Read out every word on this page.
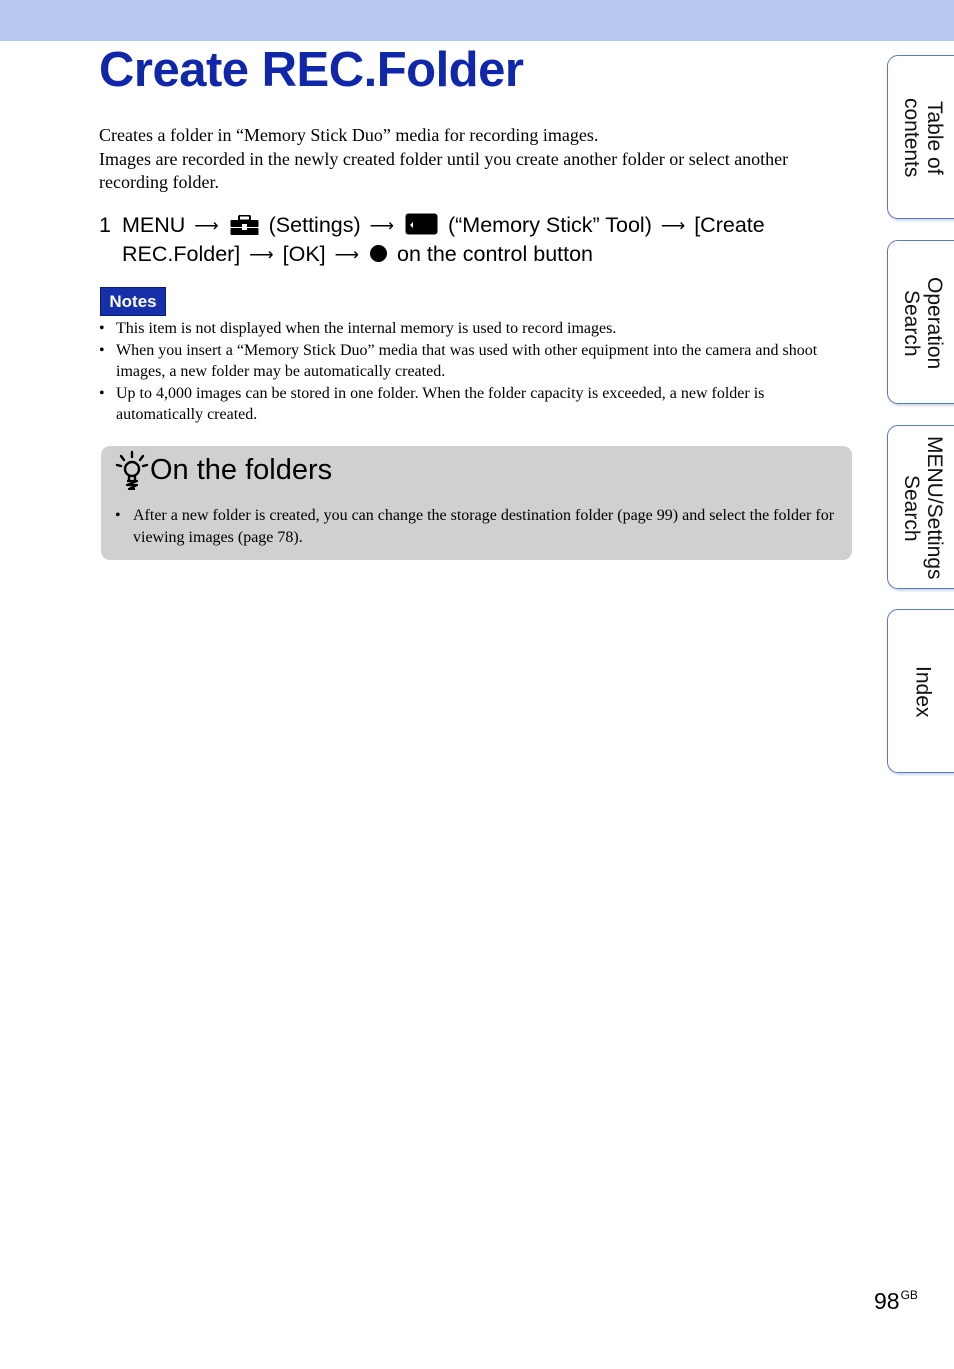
Create REC.Folder

Creates a folder in “Memory Stick Duo” media for recording images.

Images are recorded in the newly created folder until you create another folder or select another recording folder.

1 MENU ⟶ (Settings) ⟶	(“Memory Stick” Tool) ⟶ [Create
REC.Folder] ⟶ [OK] ⟶ on the control button
Notes
• This item is not displayed when the internal memory is used to record images.
• When you insert a “Memory Stick Duo” media that was used with other equipment into the camera and shoot images, a new folder may be automatically created.
• Up to 4,000 images can be stored in one folder. When the folder capacity is exceeded, a new folder is automatically created.
On the folders
• After a new folder is created, you can change the storage destination folder (page 99) and select the folder for viewing images (page 78).
Table of
contents
Operation
Search
MENU/Settings
Search
Index
$98^{GB}$
